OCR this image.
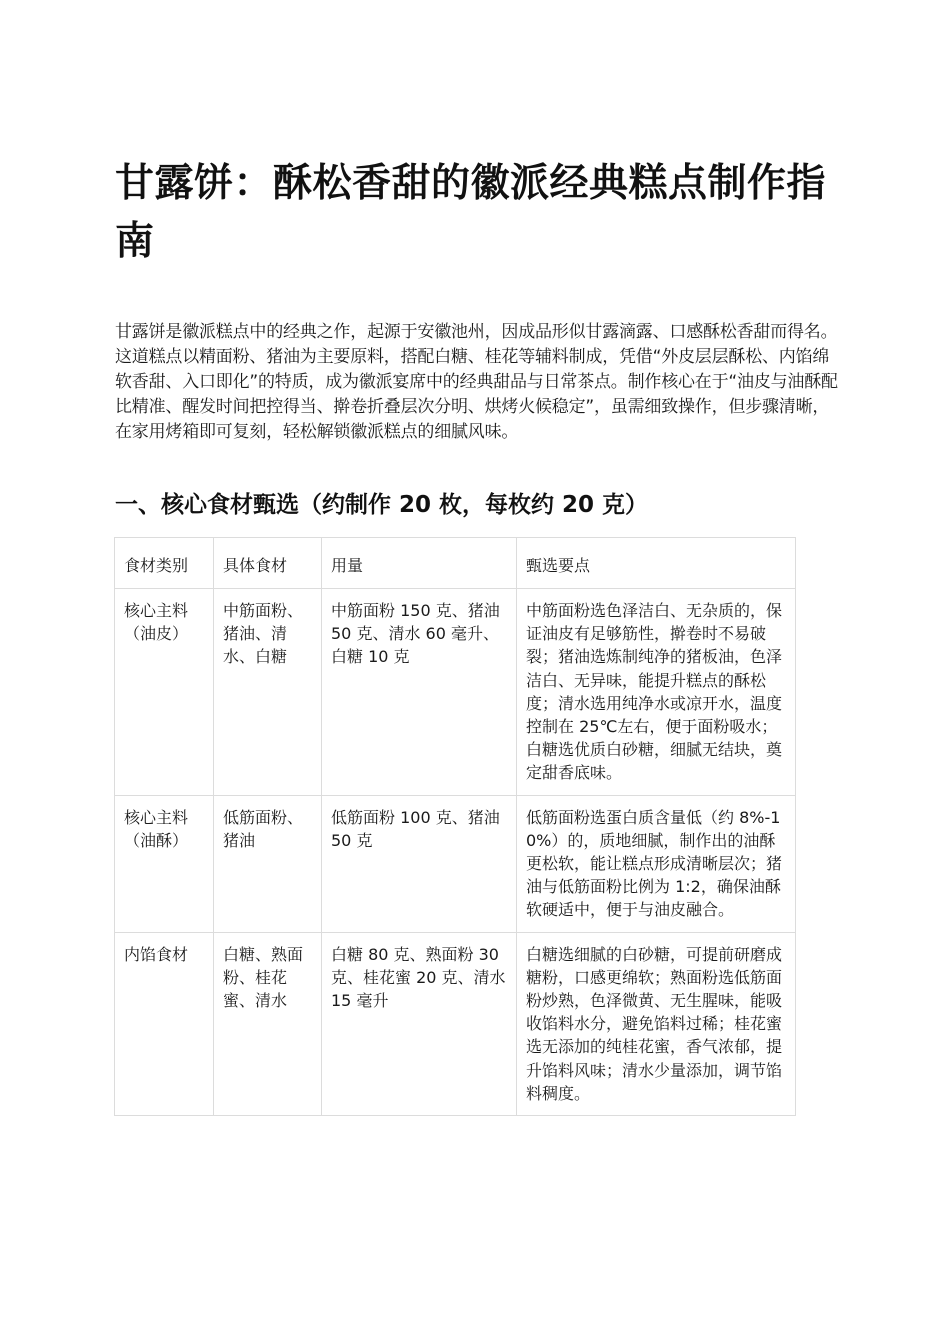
甘露饼：酥松香甜的徽派经典糕点制作指南

甘露饼是徽派糕点中的经典之作，起源于安徽池州，因成品形似甘露滴露、口感酥松香甜而得名。这道糕点以精面粉、猪油为主要原料，搭配白糖、桂花等辅料制成，凭借“外皮层层酥松、内馅绵软香甜、入口即化”的特质，成为徽派宴席中的经典甜品与日常茶点。制作核心在于“油皮与油酥配比精准、醒发时间把控得当、擀卷折叠层次分明、烘烤火候稳定”，虽需细致操作，但步骤清晰，在家用烤箱即可复刻，轻松解锁徽派糕点的细腻风味。

一、核心食材甄选（约制作 20 枚，每枚约 20 克）
食材类别	具体食材	用量	甄选要点
核心主料（油皮）	中筋面粉、猪油、清水、白糖	中筋面粉 150 克、猪油 50 克、清水 60 毫升、白糖 10 克	中筋面粉选色泽洁白、无杂质的，保证油皮有足够筋性，擀卷时不易破裂；猪油选炼制纯净的猪板油，色泽洁白、无异味，能提升糕点的酥松度；清水选用纯净水或凉开水，温度控制在 25℃左右，便于面粉吸水；白糖选优质白砂糖，细腻无结块，奠定甜香底味。
核心主料（油酥）	低筋面粉、猪油	低筋面粉 100 克、猪油 50 克	低筋面粉选蛋白质含量低（约 8%-10%）的，质地细腻，制作出的油酥更松软，能让糕点形成清晰层次；猪油与低筋面粉比例为 1:2，确保油酥软硬适中，便于与油皮融合。
内馅食材	白糖、熟面粉、桂花蜜、清水	白糖 80 克、熟面粉 30 克、桂花蜜 20 克、清水 15 毫升	白糖选细腻的白砂糖，可提前研磨成糖粉，口感更绵软；熟面粉选低筋面粉炒熟，色泽微黄、无生腥味，能吸收馅料水分，避免馅料过稀；桂花蜜选无添加的纯桂花蜜，香气浓郁，提升馅料风味；清水少量添加，调节馅料稠度。
